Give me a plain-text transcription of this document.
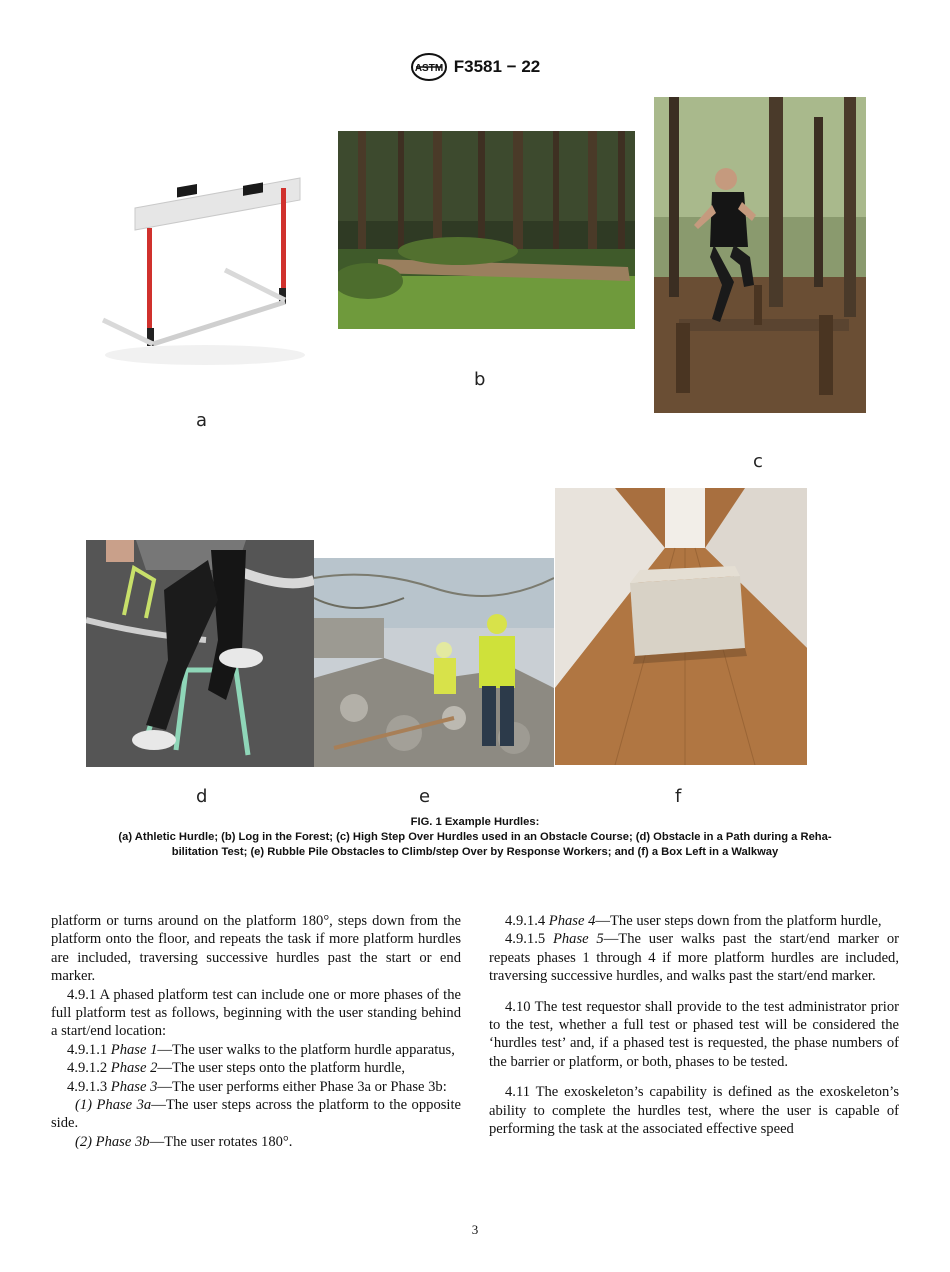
ASTM F3581 − 22
a
b
c
d	e	f
FIG. 1 Example Hurdles:
(a) Athletic Hurdle; (b) Log in the Forest; (c) High Step Over Hurdles used in an Obstacle Course; (d) Obstacle in a Path during a Reha-
bilitation Test; (e) Rubble Pile Obstacles to Climb/step Over by Response Workers; and (f) a Box Left in a Walkway

platform or turns around on the platform 180°, steps down from the platform onto the floor, and repeats the task if more platform hurdles are included, traversing successive hurdles past the start or end marker.

4.9.1 A phased platform test can include one or more phases of the full platform test as follows, beginning with the user standing behind a start/end location:

4.9.1.1 Phase 1—The user walks to the platform hurdle apparatus,

4.9.1.2 Phase 2—The user steps onto the platform hurdle,

4.9.1.3 Phase 3—The user performs either Phase 3a or Phase 3b:

(1) Phase 3a—The user steps across the platform to the opposite side.

(2) Phase 3b—The user rotates 180°.

4.9.1.4 Phase 4—The user steps down from the platform hurdle,

4.9.1.5 Phase 5—The user walks past the start/end marker or repeats phases 1 through 4 if more platform hurdles are included, traversing successive hurdles, and walks past the start/end marker.

4.10 The test requestor shall provide to the test administrator prior to the test, whether a full test or phased test will be considered the ‘hurdles test’ and, if a phased test is requested, the phase numbers of the barrier or platform, or both, phases to be tested.

4.11 The exoskeleton’s capability is defined as the exoskeleton’s ability to complete the hurdles test, where the user is capable of performing the task at the associated effective speed

3
